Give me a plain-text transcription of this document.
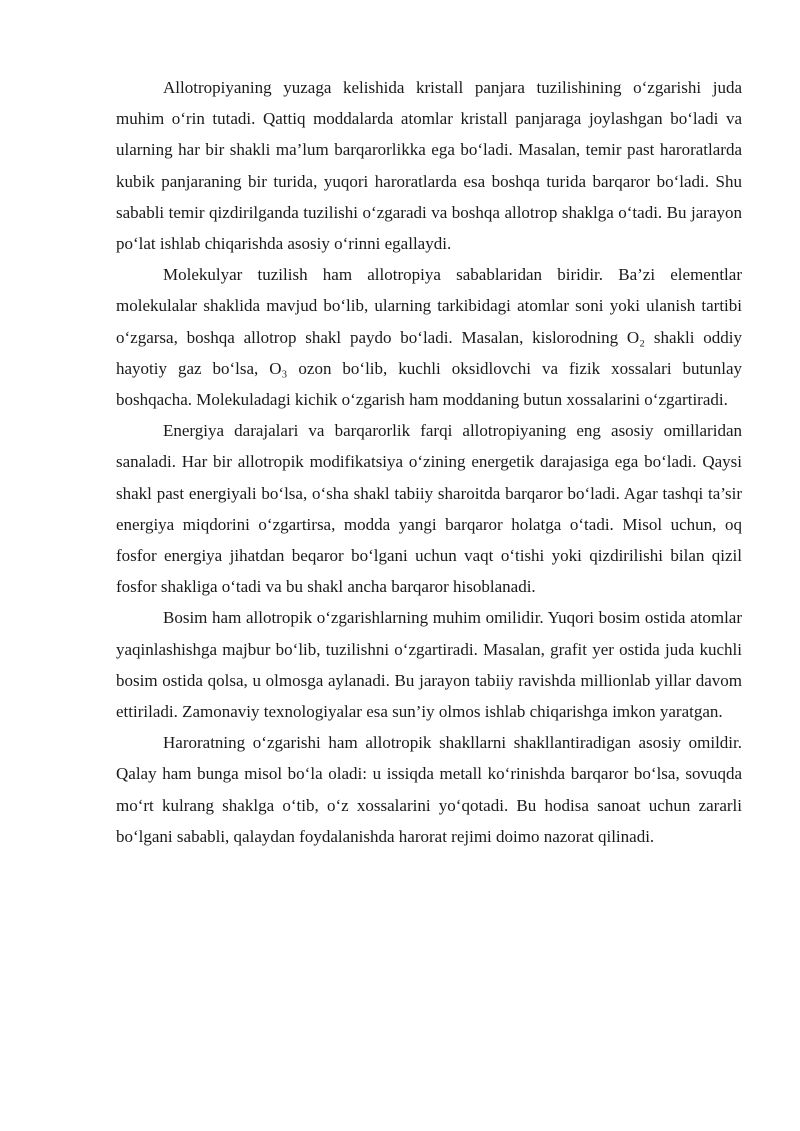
Allotropiyaning yuzaga kelishida kristall panjara tuzilishining o‘zgarishi juda muhim o‘rin tutadi. Qattiq moddalarda atomlar kristall panjaraga joylashgan bo‘ladi va ularning har bir shakli ma’lum barqarorlikka ega bo‘ladi. Masalan, temir past haroratlarda kubik panjaraning bir turida, yuqori haroratlarda esa boshqa turida barqaror bo‘ladi. Shu sababli temir qizdirilganda tuzilishi o‘zgaradi va boshqa allotrop shaklga o‘tadi. Bu jarayon po‘lat ishlab chiqarishda asosiy o‘rinni egallaydi.

Molekulyar tuzilish ham allotropiya sabablaridan biridir. Ba’zi elementlar molekulalar shaklida mavjud bo‘lib, ularning tarkibidagi atomlar soni yoki ulanish tartibi o‘zgarsa, boshqa allotrop shakl paydo bo‘ladi. Masalan, kislorodning O₂ shakli oddiy hayotiy gaz bo‘lsa, O₃ ozon bo‘lib, kuchli oksidlovchi va fizik xossalari butunlay boshqacha. Molekuladagi kichik o‘zgarish ham moddaning butun xossalarini o‘zgartiradi.

Energiya darajalari va barqarorlik farqi allotropiyaning eng asosiy omillaridan sanaladi. Har bir allotropik modifikatsiya o‘zining energetik darajasiga ega bo‘ladi. Qaysi shakl past energiyali bo‘lsa, o‘sha shakl tabiiy sharoitda barqaror bo‘ladi. Agar tashqi ta’sir energiya miqdorini o‘zgartirsa, modda yangi barqaror holatga o‘tadi. Misol uchun, oq fosfor energiya jihatdan beqaror bo‘lgani uchun vaqt o‘tishi yoki qizdirilishi bilan qizil fosfor shakliga o‘tadi va bu shakl ancha barqaror hisoblanadi.

Bosim ham allotropik o‘zgarishlarning muhim omilidir. Yuqori bosim ostida atomlar yaqinlashishga majbur bo‘lib, tuzilishni o‘zgartiradi. Masalan, grafit yer ostida juda kuchli bosim ostida qolsa, u olmosga aylanadi. Bu jarayon tabiiy ravishda millionlab yillar davom ettiriladi. Zamonaviy texnologiyalar esa sun’iy olmos ishlab chiqarishga imkon yaratgan.

Haroratning o‘zgarishi ham allotropik shakllarni shakllantiradigan asosiy omildir. Qalay ham bunga misol bo‘la oladi: u issiqda metall ko‘rinishda barqaror bo‘lsa, sovuqda mo‘rt kulrang shaklga o‘tib, o‘z xossalarini yo‘qotadi. Bu hodisa sanoat uchun zararli bo‘lgani sababli, qalaydan foydalanishda harorat rejimi doimo nazorat qilinadi.
